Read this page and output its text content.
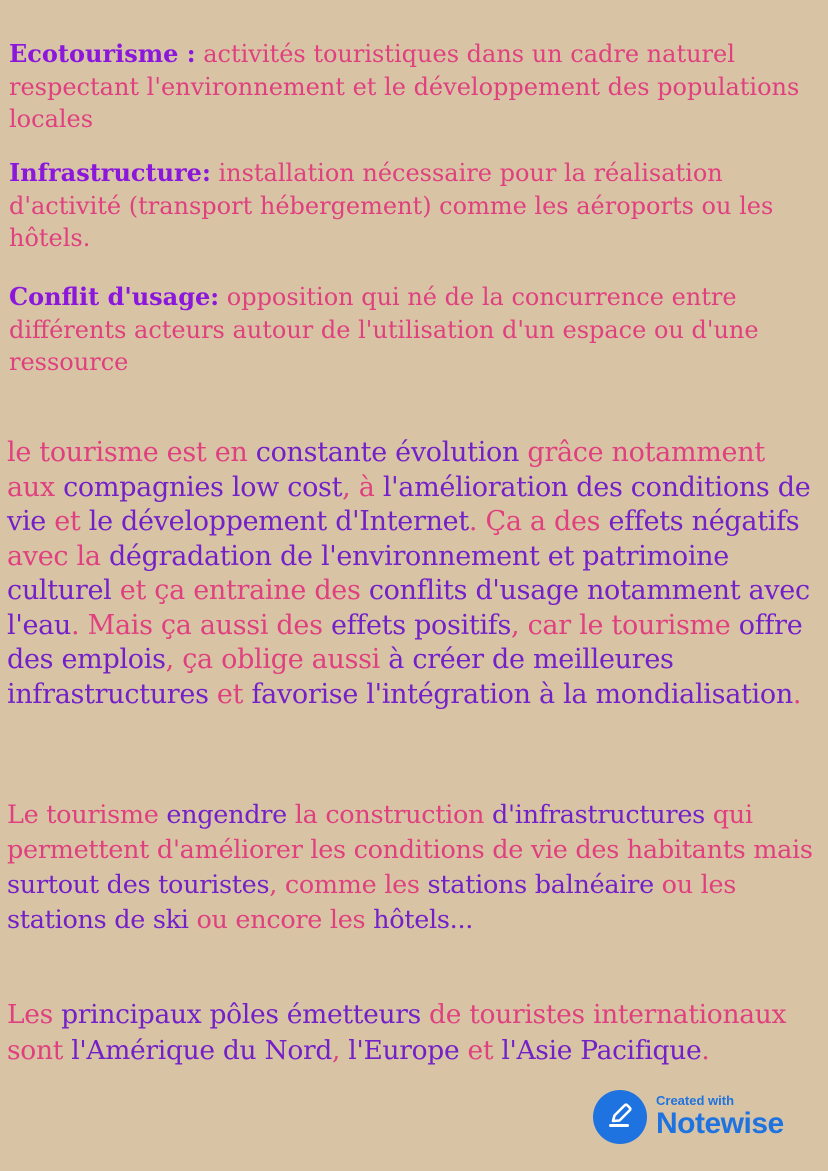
Ecotourisme : activités touristiques dans un cadre naturel respectant l'environnement et le développement des populations locales
Infrastructure: installation nécessaire pour la réalisation d'activité (transport hébergement) comme les aéroports ou les hôtels.
Conflit d'usage: opposition qui né de la concurrence entre différents acteurs autour de l'utilisation d'un espace ou d'une ressource
le tourisme est en constante évolution grâce notamment aux compagnies low cost, à l'amélioration des conditions de vie et le développement d'Internet. Ça a des effets négatifs avec la dégradation de l'environnement et patrimoine culturel et ça entraine des conflits d'usage notamment avec l'eau. Mais ça aussi des effets positifs, car le tourisme offre des emplois, ça oblige aussi à créer de meilleures infrastructures et favorise l'intégration à la mondialisation.
Le tourisme engendre la construction d'infrastructures qui permettent d'améliorer les conditions de vie des habitants mais surtout des touristes, comme les stations balnéaire ou les stations de ski ou encore les hôtels...
Les principaux pôles émetteurs de touristes internationaux sont l'Amérique du Nord, l'Europe et l'Asie Pacifique.
Created with
Notewise
